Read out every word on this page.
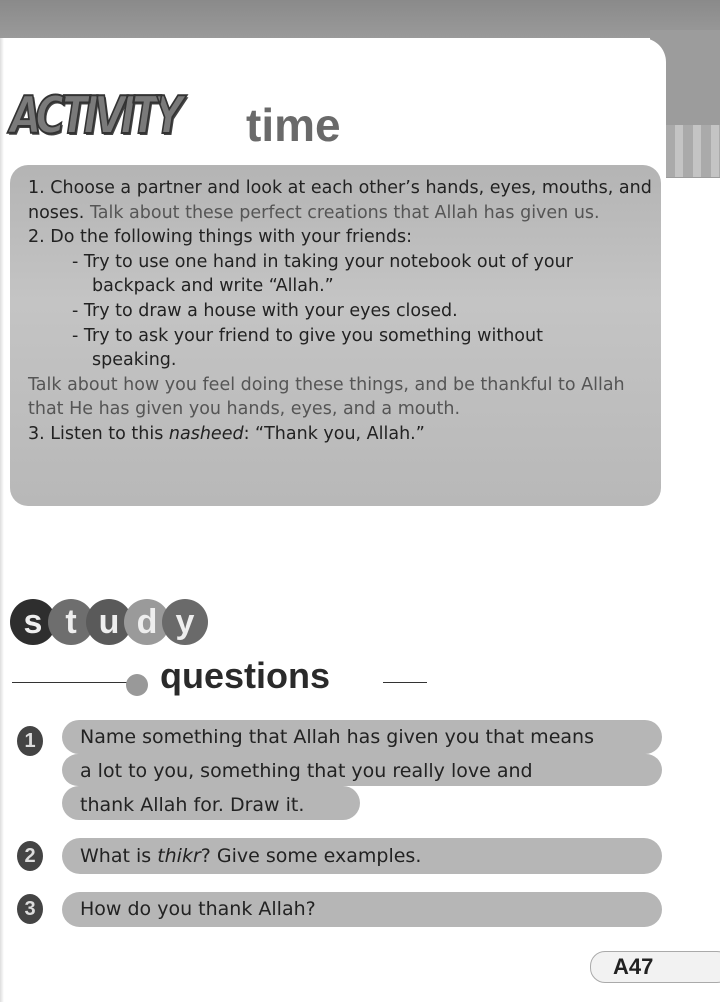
ACTIVITY time
1. Choose a partner and look at each other’s hands, eyes, mouths, and noses. Talk about these perfect creations that Allah has given us.
2. Do the following things with your friends:
- Try to use one hand in taking your notebook out of your
backpack and write “Allah.”
- Try to draw a house with your eyes closed.
- Try to ask your friend to give you something without
speaking.
Talk about how you feel doing these things, and be thankful to Allah that He has given you hands, eyes, and a mouth.
3. Listen to this nasheed: “Thank you, Allah.”
s t u d y
questions
1	Name something that Allah has given you that means
a lot to you, something that you really love and
thank Allah for. Draw it.
2	What is thikr? Give some examples.
3	How do you thank Allah?
A47
